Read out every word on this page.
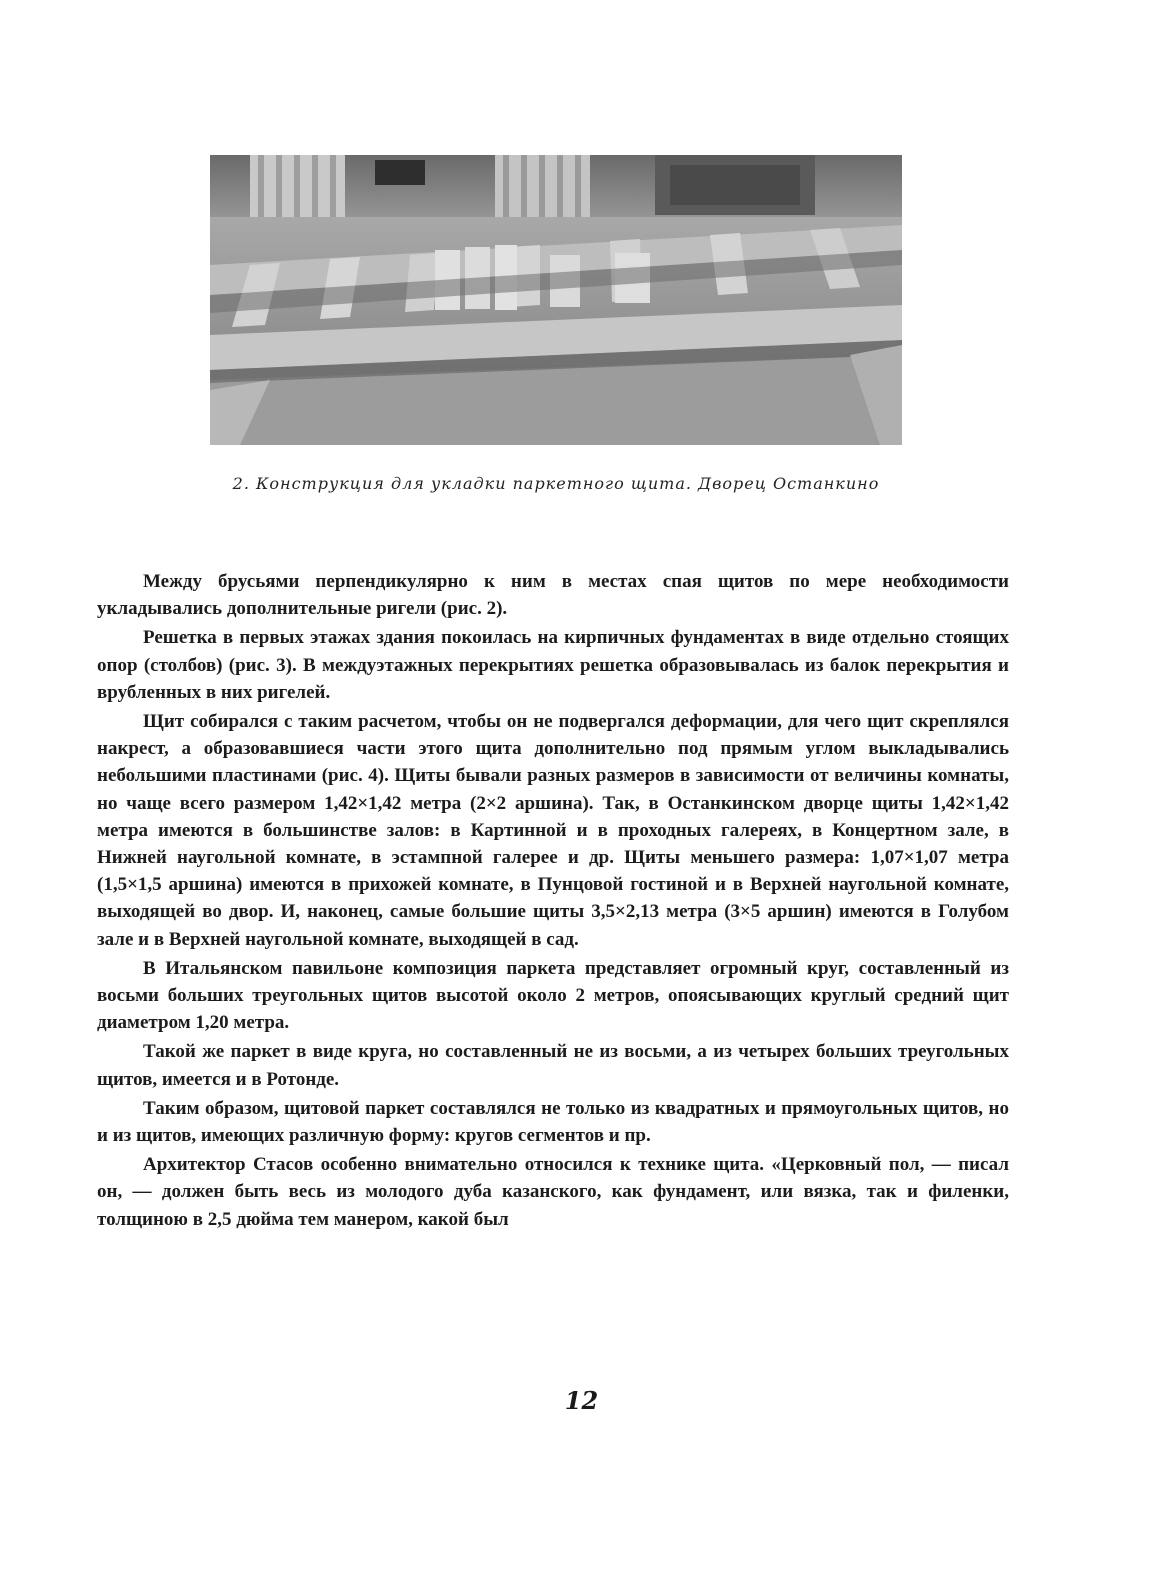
2. Конструкция для укладки паркетного щита. Дворец Останкино

Между брусьями перпендикулярно к ним в местах спая щитов по мере необходимости укладывались дополнительные ригели (рис. 2).

Решетка в первых этажах здания покоилась на кирпичных фундаментах в виде отдельно стоящих опор (столбов) (рис. 3). В междуэтажных перекрытиях решетка образовывалась из балок перекрытия и врубленных в них ригелей.

Щит собирался с таким расчетом, чтобы он не подвергался деформации, для чего щит скреплялся накрест, а образовавшиеся части этого щита дополнительно под прямым углом выкладывались небольшими пластинами (рис. 4). Щиты бывали разных размеров в зависимости от величины комнаты, но чаще всего размером 1,42×1,42 метра (2×2 аршина). Так, в Останкинском дворце щиты 1,42×1,42 метра имеются в большинстве залов: в Картинной и в проходных галереях, в Концертном зале, в Нижней наугольной комнате, в эстампной галерее и др. Щиты меньшего размера: 1,07×1,07 метра (1,5×1,5 аршина) имеются в прихожей комнате, в Пунцовой гостиной и в Верхней наугольной комнате, выходящей во двор. И, наконец, самые большие щиты 3,5×2,13 метра (3×5 аршин) имеются в Голубом зале и в Верхней наугольной комнате, выходящей в сад.

В Итальянском павильоне композиция паркета представляет огромный круг, составленный из восьми больших треугольных щитов высотой около 2 метров, опоясывающих круглый средний щит диаметром 1,20 метра.

Такой же паркет в виде круга, но составленный не из восьми, а из четырех больших треугольных щитов, имеется и в Ротонде.

Таким образом, щитовой паркет составлялся не только из квадратных и прямоугольных щитов, но и из щитов, имеющих различную форму: кругов сегментов и пр.

Архитектор Стасов особенно внимательно относился к технике щита. «Церковный пол, — писал он, — должен быть весь из молодого дуба казанского, как фундамент, или вязка, так и филенки, толщиною в 2,5 дюйма тем манером, какой был

12
